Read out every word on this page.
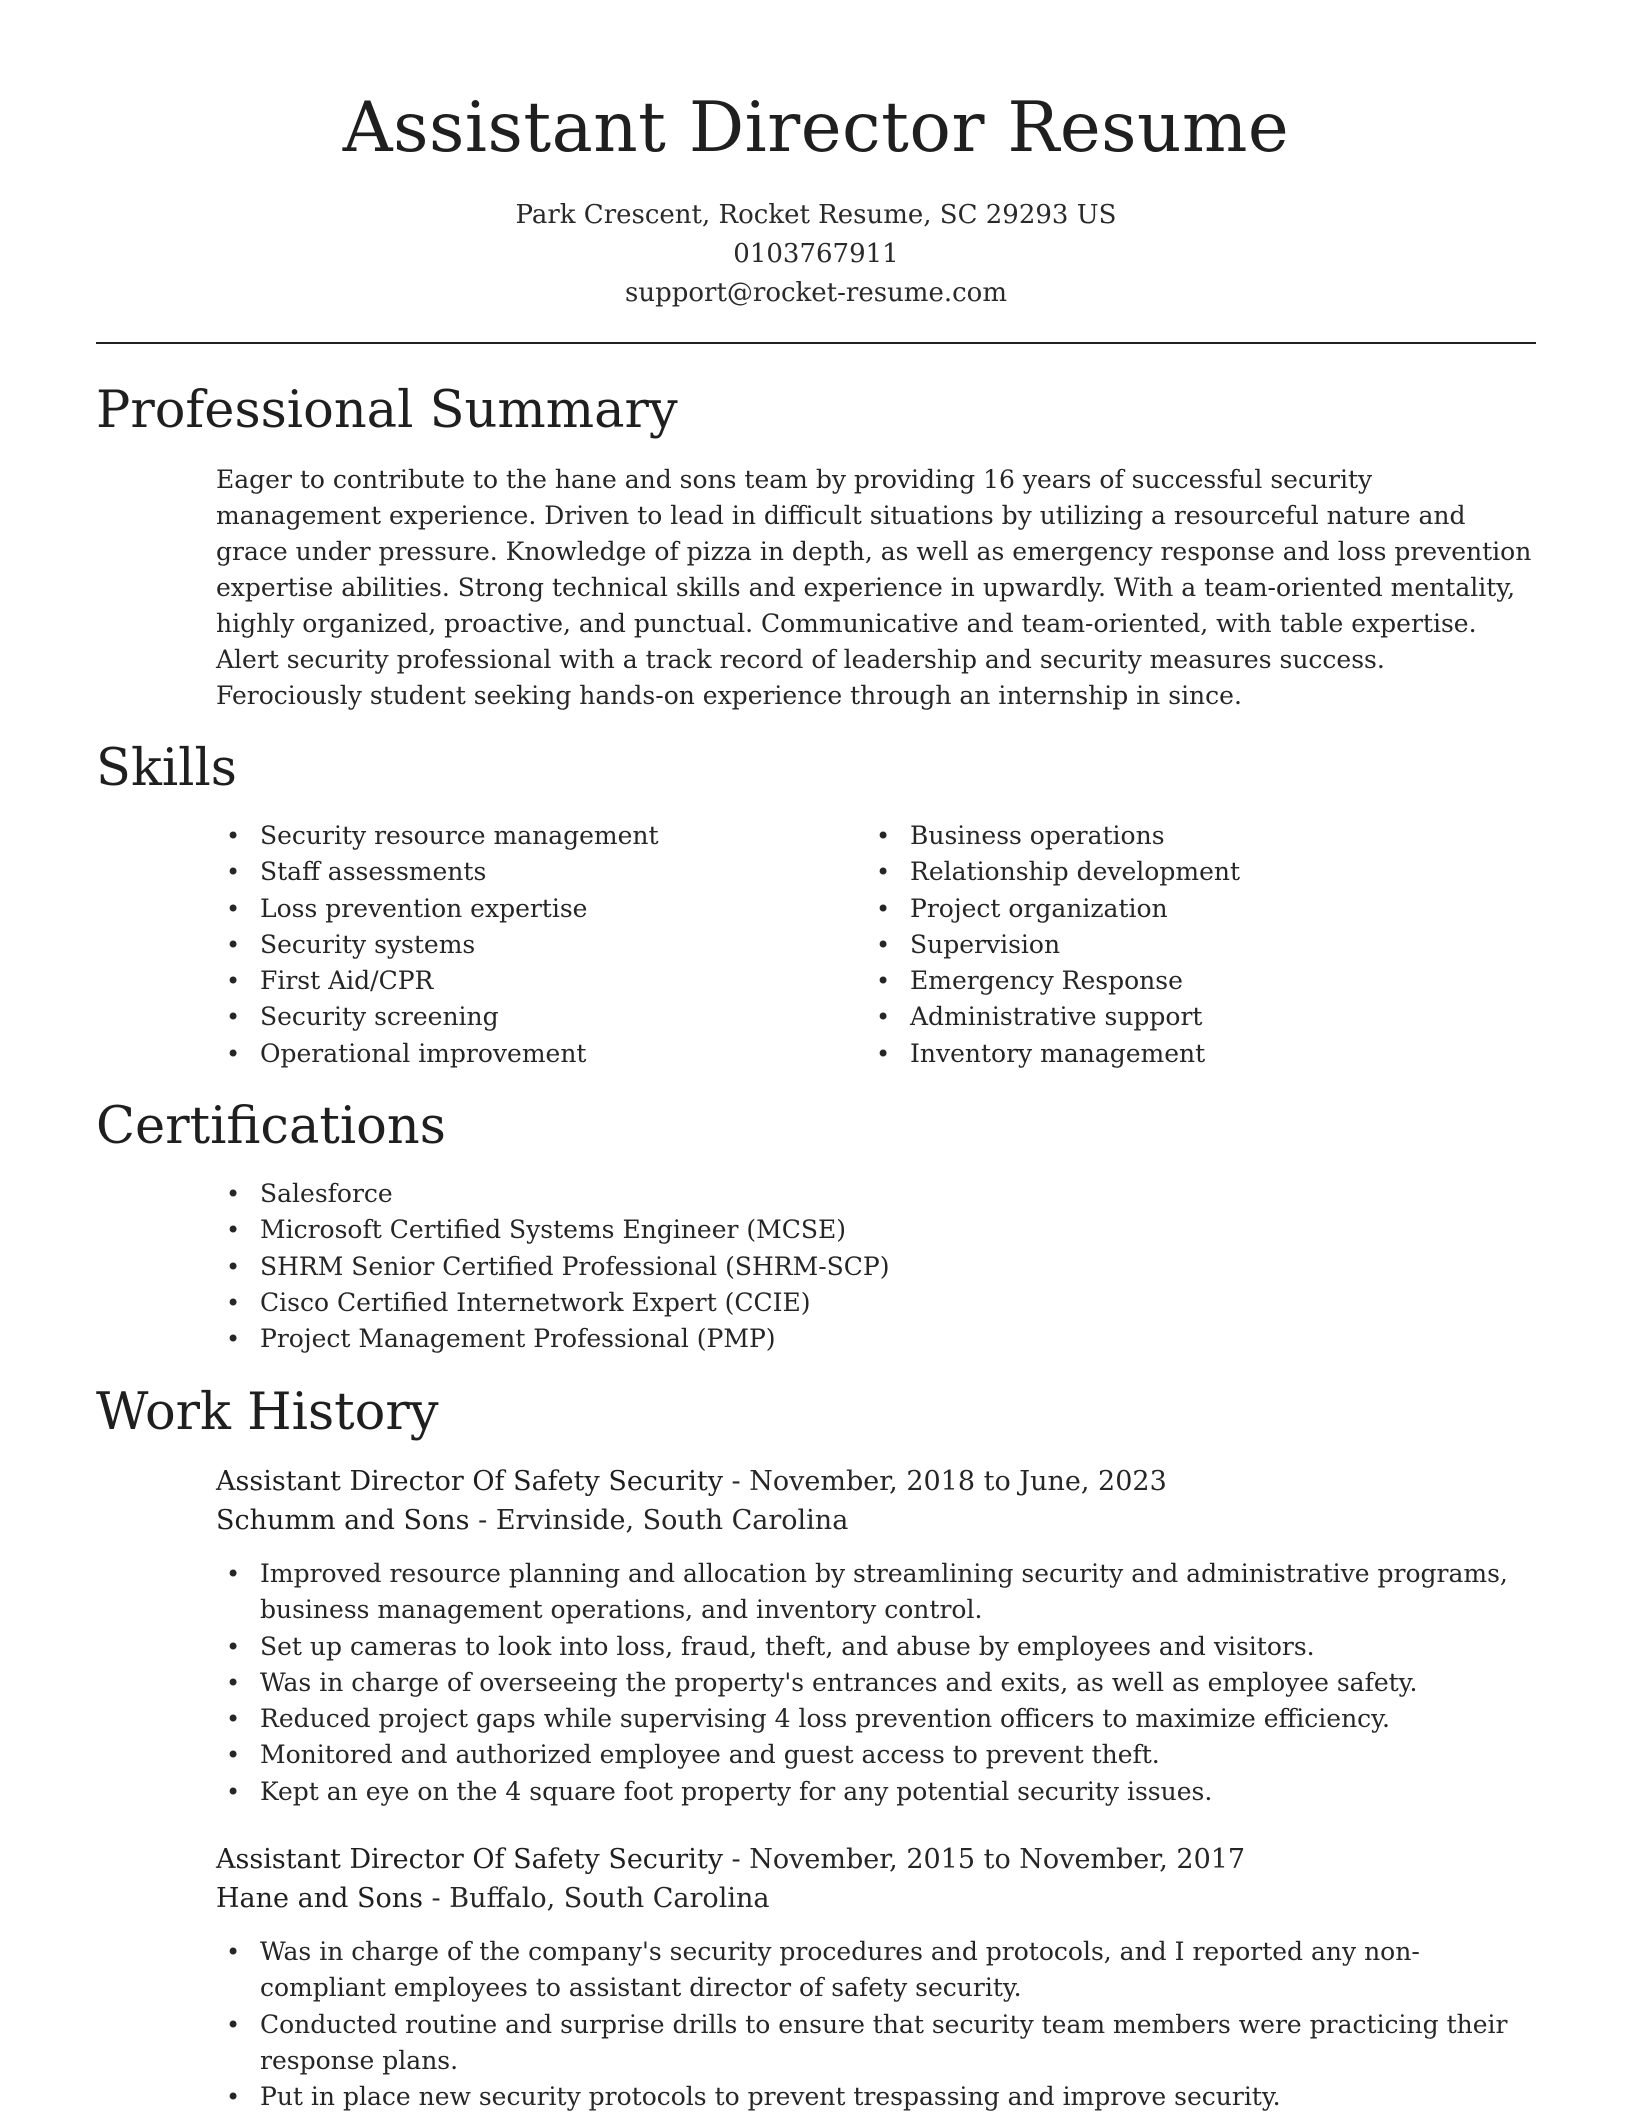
Assistant Director Resume
Park Crescent, Rocket Resume, SC 29293 US
0103767911
support@rocket-resume.com
Professional Summary

Eager to contribute to the hane and sons team by providing 16 years of successful security management experience. Driven to lead in difficult situations by utilizing a resourceful nature and grace under pressure. Knowledge of pizza in depth, as well as emergency response and loss prevention expertise abilities. Strong technical skills and experience in upwardly. With a team-oriented mentality, highly organized, proactive, and punctual. Communicative and team-oriented, with table expertise. Alert security professional with a track record of leadership and security measures success. Ferociously student seeking hands-on experience through an internship in since.

Skills
• Security resource management
• Staff assessments
• Loss prevention expertise
• Security systems
• First Aid/CPR
• Security screening
• Operational improvement
• Business operations
• Relationship development
• Project organization
• Supervision
• Emergency Response
• Administrative support
• Inventory management
Certifications
• Salesforce
• Microsoft Certified Systems Engineer (MCSE)
• SHRM Senior Certified Professional (SHRM-SCP)
• Cisco Certified Internetwork Expert (CCIE)
• Project Management Professional (PMP)
Work History
Assistant Director Of Safety Security - November, 2018 to June, 2023
Schumm and Sons - Ervinside, South Carolina
• Improved resource planning and allocation by streamlining security and administrative programs, business management operations, and inventory control.
• Set up cameras to look into loss, fraud, theft, and abuse by employees and visitors.
• Was in charge of overseeing the property's entrances and exits, as well as employee safety.
• Reduced project gaps while supervising 4 loss prevention officers to maximize efficiency.
• Monitored and authorized employee and guest access to prevent theft.
• Kept an eye on the 4 square foot property for any potential security issues.
Assistant Director Of Safety Security - November, 2015 to November, 2017
Hane and Sons - Buffalo, South Carolina
• Was in charge of the company's security procedures and protocols, and I reported any non-compliant employees to assistant director of safety security.
• Conducted routine and surprise drills to ensure that security team members were practicing their response plans.
• Put in place new security protocols to prevent trespassing and improve security.
